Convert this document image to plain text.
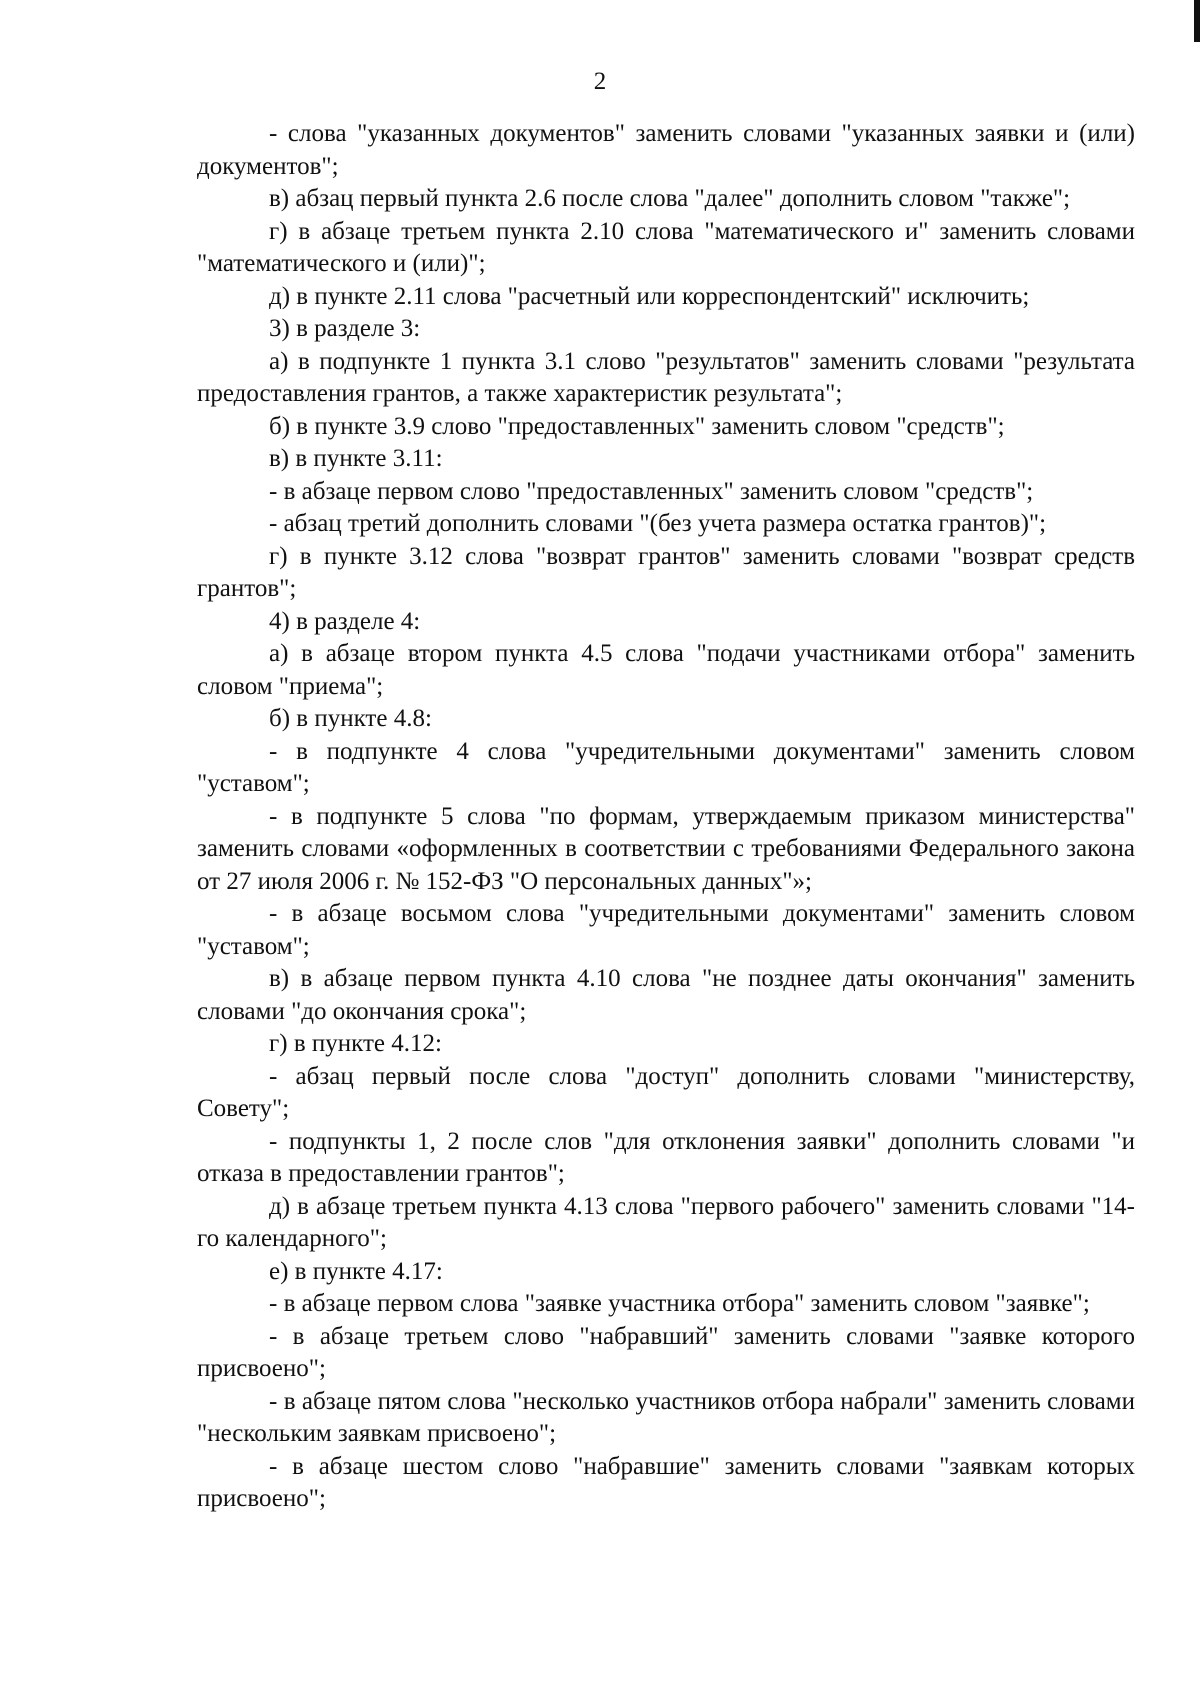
2

- слова "указанных документов" заменить словами "указанных заявки и (или) документов";

в) абзац первый пункта 2.6 после слова "далее" дополнить словом "также";

г) в абзаце третьем пункта 2.10 слова "математического и" заменить словами "математического и (или)";

д) в пункте 2.11 слова "расчетный или корреспондентский" исключить;

3) в разделе 3:

а) в подпункте 1 пункта 3.1 слово "результатов" заменить словами "результата предоставления грантов, а также характеристик результата";

б) в пункте 3.9 слово "предоставленных" заменить словом "средств";

в) в пункте 3.11:

- в абзаце первом слово "предоставленных" заменить словом "средств";

- абзац третий дополнить словами "(без учета размера остатка грантов)";

г) в пункте 3.12 слова "возврат грантов" заменить словами "возврат средств грантов";

4) в разделе 4:

а) в абзаце втором пункта 4.5 слова "подачи участниками отбора" заменить словом "приема";

б) в пункте 4.8:

- в подпункте 4 слова "учредительными документами" заменить словом "уставом";

- в подпункте 5 слова "по формам, утверждаемым приказом министерства" заменить словами «оформленных в соответствии с требованиями Федерального закона от 27 июля 2006 г. № 152-ФЗ "О персональных данных"»;

- в абзаце восьмом слова "учредительными документами" заменить словом "уставом";

в) в абзаце первом пункта 4.10 слова "не позднее даты окончания" заменить словами "до окончания срока";

г) в пункте 4.12:

- абзац первый после слова "доступ" дополнить словами "министерству, Совету";

- подпункты 1, 2 после слов "для отклонения заявки" дополнить словами "и отказа в предоставлении грантов";

д) в абзаце третьем пункта 4.13 слова "первого рабочего" заменить словами "14-го календарного";

е) в пункте 4.17:

- в абзаце первом слова "заявке участника отбора" заменить словом "заявке";

- в абзаце третьем слово "набравший" заменить словами "заявке которого присвоено";

- в абзаце пятом слова "несколько участников отбора набрали" заменить словами "нескольким заявкам присвоено";

- в абзаце шестом слово "набравшие" заменить словами "заявкам которых присвоено";
